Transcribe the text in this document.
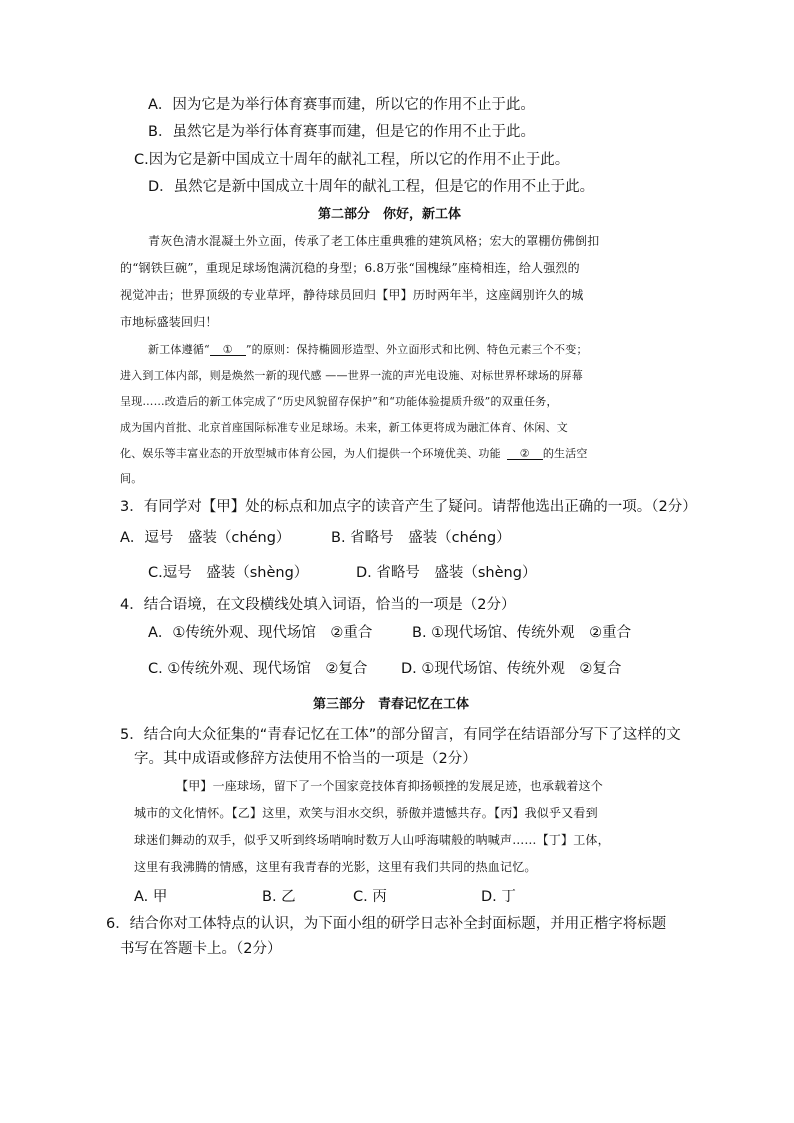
A．因为它是为举行体育赛事而建，所以它的作用不止于此。
B．虽然它是为举行体育赛事而建，但是它的作用不止于此。
C.因为它是新中国成立十周年的献礼工程，所以它的作用不止于此。
D．虽然它是新中国成立十周年的献礼工程，但是它的作用不止于此。
第二部分　你好，新工体
青灰色清水混凝土外立面，传承了老工体庄重典雅的建筑风格；宏大的罩棚仿佛倒扣
的“钢铁巨碗”，重现足球场饱满沉稳的身型；6.8万张“国槐绿”座椅相连，给人强烈的
视觉冲击；世界顶级的专业草坪，静待球员回归【甲】历时两年半，这座阔别许久的城
市地标盛装回归！
新工体遵循“ ① ”的原则：保持椭圆形造型、外立面形式和比例、特色元素三个不变；
进入到工体内部，则是焕然一新的现代感 ——世界一流的声光电设施、对标世界杯球场的屏幕
呈现……改造后的新工体完成了“历史风貌留存保护”和“功能体验提质升级”的双重任务，
成为国内首批、北京首座国际标准专业足球场。未来，新工体更将成为融汇体育、休闲、文
化、娱乐等丰富业态的开放型城市体育公园，为人们提供一个环境优美、功能 ② 的生活空
间。
3．有同学对【甲】处的标点和加点字的读音产生了疑问。请帮他选出正确的一项。（2分）
A．逗号　盛装（chéng）	B. 省略号　盛装（chéng）
C.逗号　盛装（shèng）	D. 省略号　盛装（shèng）
4．结合语境，在文段横线处填入词语，恰当的一项是（2分）
A．①传统外观、现代场馆　②重合	B. ①现代场馆、传统外观　②重合
C. ①传统外观、现代场馆　②复合 D. ①现代场馆、传统外观　②复合
第三部分　青春记忆在工体
5．结合向大众征集的“青春记忆在工体”的部分留言，有同学在结语部分写下了这样的文
字。其中成语或修辞方法使用不恰当的一项是（2分）
【甲】一座球场，留下了一个国家竞技体育抑扬顿挫的发展足迹，也承载着这个
城市的文化情怀。【乙】这里，欢笑与泪水交织，骄傲并遗憾共存。【丙】我似乎又看到
球迷们舞动的双手，似乎又听到终场哨响时数万人山呼海啸般的呐喊声……【丁】工体，
这里有我沸腾的情感，这里有我青春的光影，这里有我们共同的热血记忆。
A. 甲	B. 乙	C. 丙	D. 丁
6．结合你对工体特点的认识，为下面小组的研学日志补全封面标题，并用正楷字将标题
书写在答题卡上。（2分）
